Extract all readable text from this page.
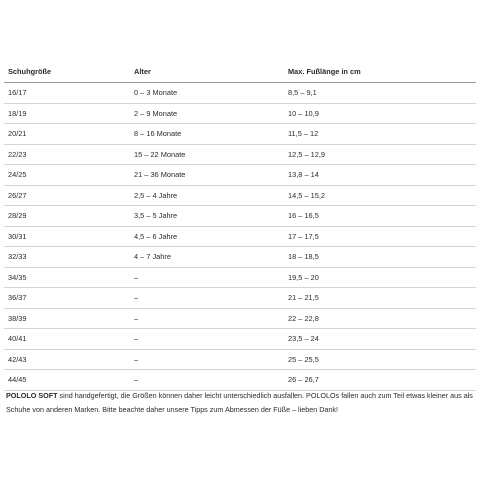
Schuhgröße	Alter	Max. Fußlänge in cm
16/17	0 – 3 Monate	8,5 – 9,1
18/19	2 – 9 Monate	10 – 10,9
20/21	8 – 16 Monate	11,5 – 12
22/23	15 – 22 Monate	12,5 – 12,9
24/25	21 – 36 Monate	13,8 – 14
26/27	2,5 – 4 Jahre	14,5 – 15,2
28/29	3,5 – 5 Jahre	16 – 16,5
30/31	4,5 – 6 Jahre	17 – 17,5
32/33	4 – 7 Jahre	18 – 18,5
34/35	–	19,5 – 20
36/37	–	21 – 21,5
38/39	–	22 – 22,8
40/41	–	23,5 – 24
42/43	–	25 – 25,5
44/45	–	26 – 26,7
POLOLO SOFT sind handgefertigt, die Größen können daher leicht unterschiedlich ausfallen. POLOLOs fallen auch zum Teil etwas kleiner aus als Schuhe von anderen Marken. Bitte beachte daher unsere Tipps zum Abmessen der Füße – lieben Dank!
